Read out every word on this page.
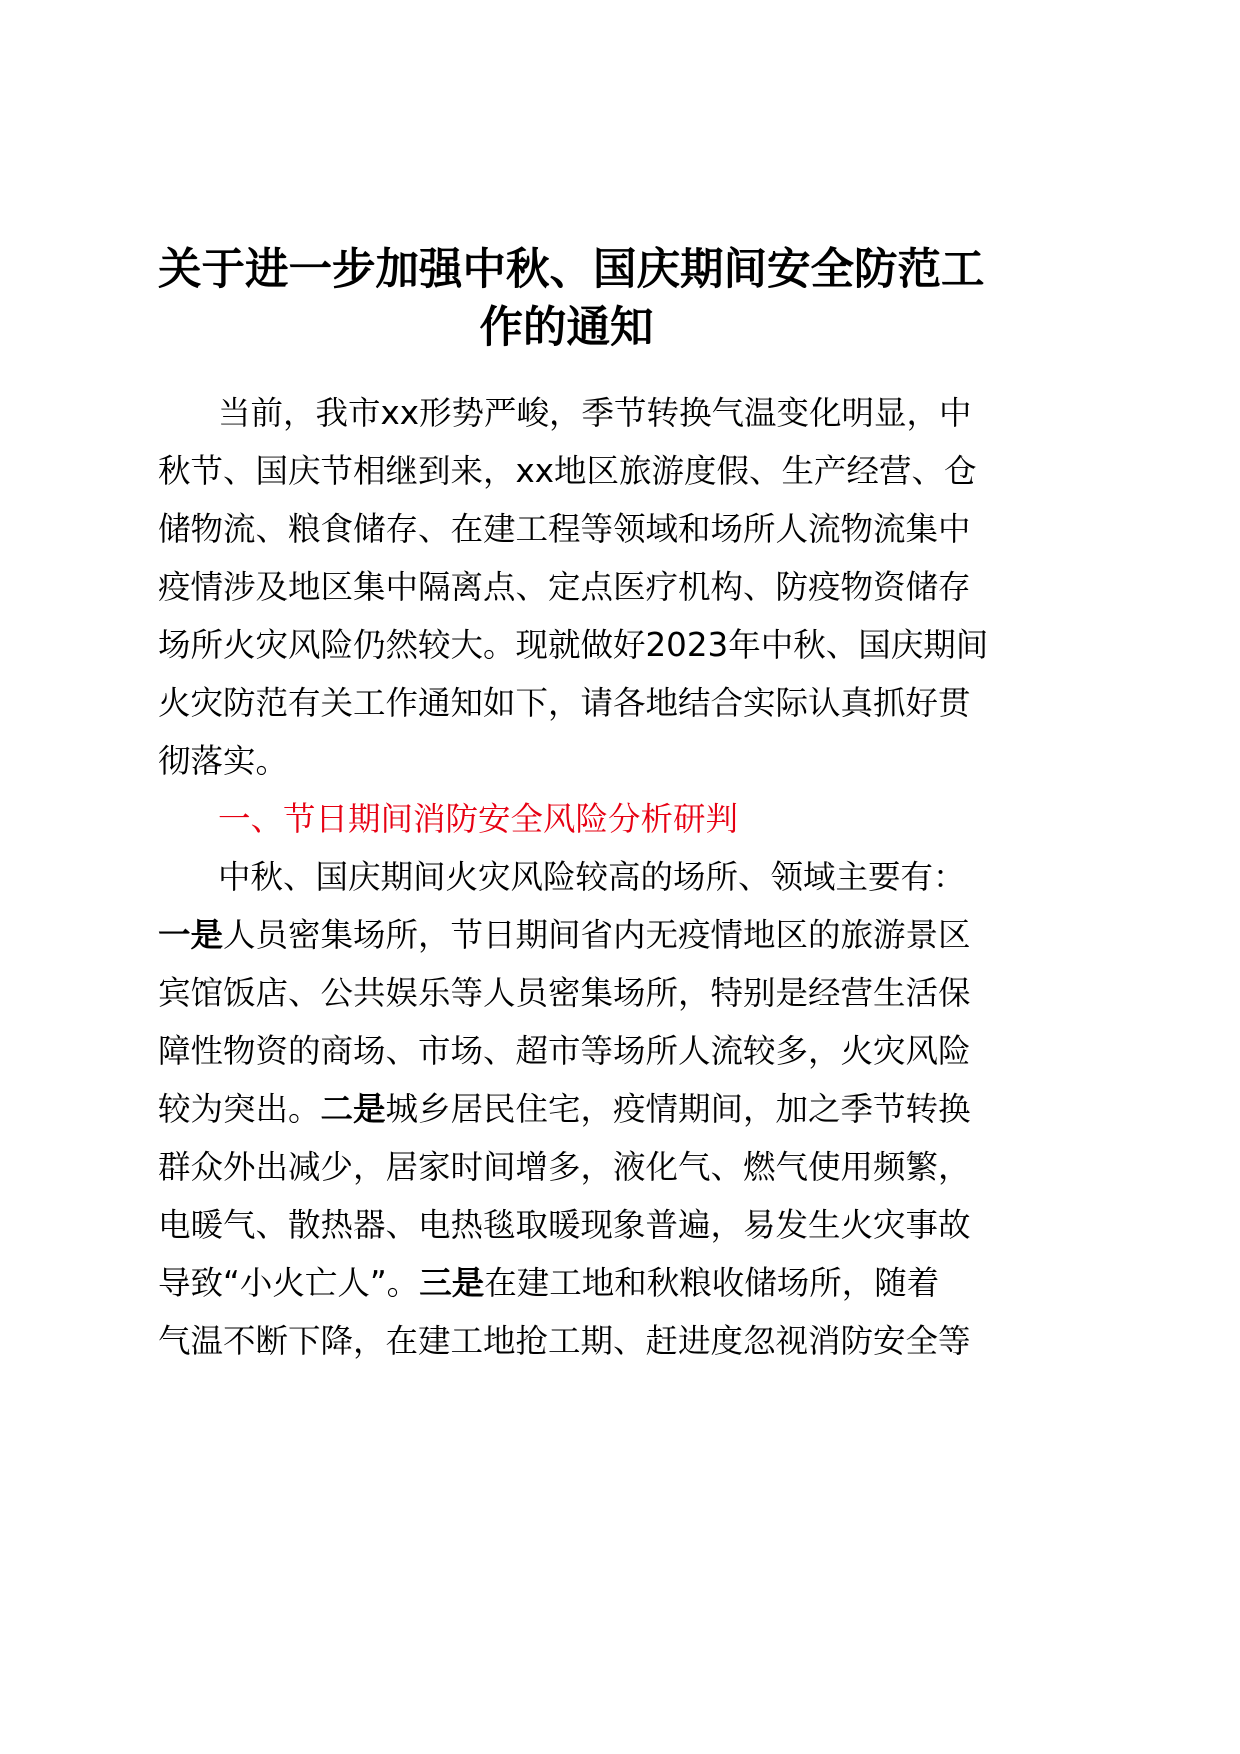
关于进一步加强中秋、国庆期间安全防范工
作的通知
当前，我市xx形势严峻，季节转换气温变化明显，中
秋节、国庆节相继到来，xx地区旅游度假、生产经营、仓
储物流、粮食储存、在建工程等领域和场所人流物流集中
疫情涉及地区集中隔离点、定点医疗机构、防疫物资储存
场所火灾风险仍然较大。现就做好2023年中秋、国庆期间
火灾防范有关工作通知如下，请各地结合实际认真抓好贯
彻落实。
一、节日期间消防安全风险分析研判
中秋、国庆期间火灾风险较高的场所、领域主要有：
一是人员密集场所，节日期间省内无疫情地区的旅游景区
宾馆饭店、公共娱乐等人员密集场所，特别是经营生活保
障性物资的商场、市场、超市等场所人流较多，火灾风险
较为突出。二是城乡居民住宅，疫情期间，加之季节转换
群众外出减少，居家时间增多，液化气、燃气使用频繁，
电暖气、散热器、电热毯取暖现象普遍，易发生火灾事故
导致“小火亡人”。三是在建工地和秋粮收储场所，随着
气温不断下降，在建工地抢工期、赶进度忽视消防安全等
